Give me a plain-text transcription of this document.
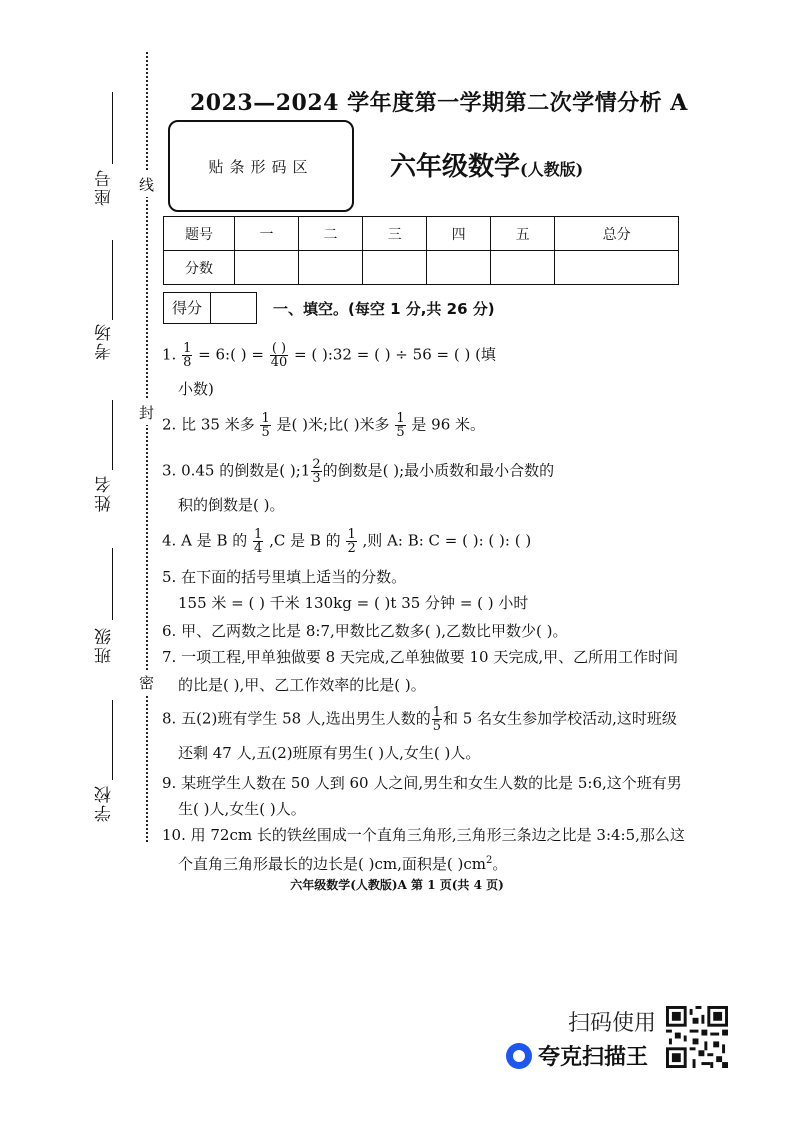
座号
考场
姓名
班级
学校
线
封
密
2023—2024 学年度第一学期第二次学情分析 A
贴条形码区	六年级数学(人教版)
题号	一	二	三	四	五	总分
分数						
得分	一、填空。(每空 1 分,共 26 分)
1. $\frac{1}{8}$ = 6:( ) = $\frac{( )}{40}$ = ( ):32 = ( ) ÷ 56 = ( ) (填
小数)
2. 比 35 米多 $\frac{1}{5}$ 是( )米;比( )米多 $\frac{1}{5}$ 是 96 米。
3. 0.45 的倒数是( );1 $\frac{2}{3}$ 的倒数是( );最小质数和最小合数的
积的倒数是( )。
4. A 是 B 的 $\frac{1}{4} ,C$ 是 B 的 $\frac{1}{2}$ ,则 A: B: C = ( ): ( ): ( )
5. 在下面的括号里填上适当的分数。
155 米 = ( ) 千米 130kg = ( )t 35 分钟 = ( ) 小时
6. 甲、乙两数之比是 8:7,甲数比乙数多( ),乙数比甲数少( )。
7. 一项工程,甲单独做要 8 天完成,乙单独做要 10 天完成,甲、乙所用工作时间
的比是( ),甲、乙工作效率的比是( )。
8. 五(2)班有学生 58 人,选出男生人数的 $\frac{1}{5}$ 和 5 名女生参加学校活动,这时班级
还剩 47 人,五(2)班原有男生( )人,女生( )人。
9. 某班学生人数在 50 人到 60 人之间,男生和女生人数的比是 5:6,这个班有男
生( )人,女生( )人。
10. 用 72cm 长的铁丝围成一个直角三角形,三角形三条边之比是 3:4:5,那么这
个直角三角形最长的边长是( )cm,面积是( )$cm^2$。
六年级数学(人教版)A 第 1 页(共 4 页)
扫码使用
夸克扫描王
